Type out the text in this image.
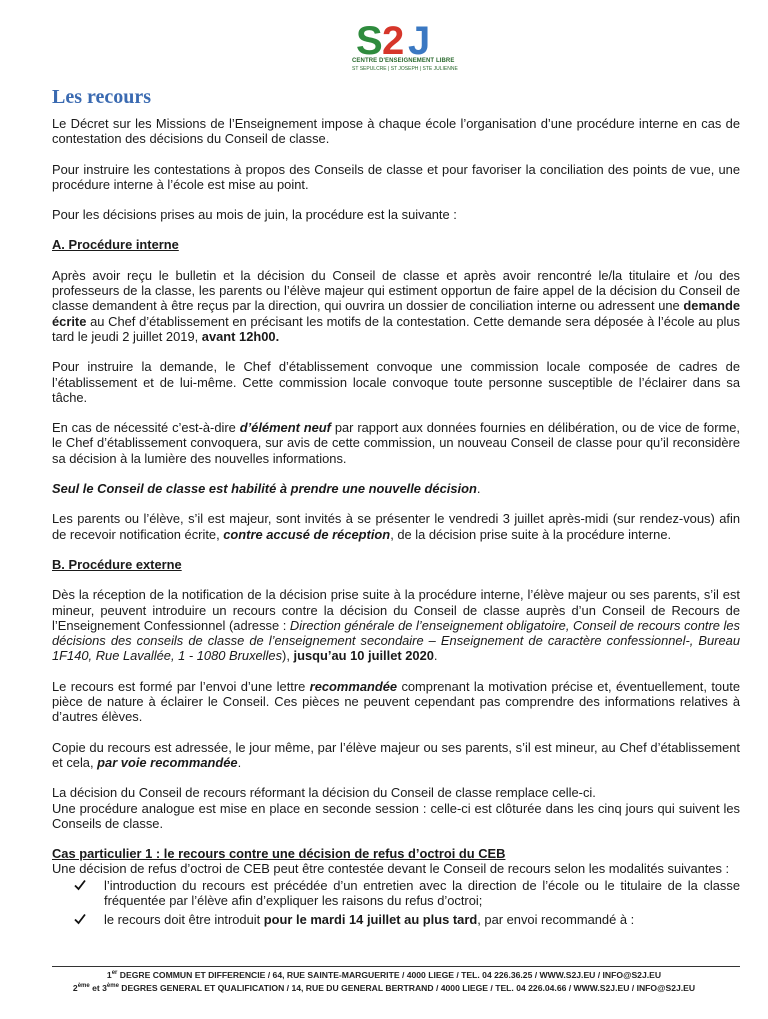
S 2 J
CENTRE D'ENSEIGNEMENT LIBRE
ST SEPULCRE | ST JOSEPH | STE JULIENNE
Les recours

Le Décret sur les Missions de l’Enseignement impose à chaque école l’organisation d’une procédure interne en cas de contestation des décisions du Conseil de classe.

Pour instruire les contestations à propos des Conseils de classe et pour favoriser la conciliation des points de vue, une procédure interne à l’école est mise au point.

Pour les décisions prises au mois de juin, la procédure est la suivante :

A. Procédure interne

Après avoir reçu le bulletin et la décision du Conseil de classe et après avoir rencontré le/la titulaire et /ou des professeurs de la classe, les parents ou l’élève majeur qui estiment opportun de faire appel de la décision du Conseil de classe demandent à être reçus par la direction, qui ouvrira un dossier de conciliation interne ou adressent une demande écrite au Chef d’établissement en précisant les motifs de la contestation. Cette demande sera déposée à l’école au plus tard le jeudi 2 juillet 2019, avant 12h00.

Pour instruire la demande, le Chef d’établissement convoque une commission locale composée de cadres de l’établissement et de lui-même. Cette commission locale convoque toute personne susceptible de l’éclairer dans sa tâche.

En cas de nécessité c’est-à-dire d’élément neuf par rapport aux données fournies en délibération, ou de vice de forme, le Chef d’établissement convoquera, sur avis de cette commission, un nouveau Conseil de classe pour qu’il reconsidère sa décision à la lumière des nouvelles informations.

Seul le Conseil de classe est habilité à prendre une nouvelle décision.

Les parents ou l’élève, s’il est majeur, sont invités à se présenter le vendredi 3 juillet après-midi (sur rendez-vous) afin de recevoir notification écrite, contre accusé de réception, de la décision prise suite à la procédure interne.

B. Procédure externe

Dès la réception de la notification de la décision prise suite à la procédure interne, l’élève majeur ou ses parents, s’il est mineur, peuvent introduire un recours contre la décision du Conseil de classe auprès d’un Conseil de Recours de l’Enseignement Confessionnel (adresse : Direction générale de l’enseignement obligatoire, Conseil de recours contre les décisions des conseils de classe de l’enseignement secondaire – Enseignement de caractère confessionnel-, Bureau 1F140, Rue Lavallée, 1 - 1080 Bruxelles), jusqu’au 10 juillet 2020.

Le recours est formé par l’envoi d’une lettre recommandée comprenant la motivation précise et, éventuellement, toute pièce de nature à éclairer le Conseil. Ces pièces ne peuvent cependant pas comprendre des informations relatives à d’autres élèves.

Copie du recours est adressée, le jour même, par l’élève majeur ou ses parents, s’il est mineur, au Chef d’établissement et cela, par voie recommandée.

La décision du Conseil de recours réformant la décision du Conseil de classe remplace celle-ci.
Une procédure analogue est mise en place en seconde session : celle-ci est clôturée dans les cinq jours qui suivent les Conseils de classe.

Cas particulier 1 : le recours contre une décision de refus d’octroi du CEB
Une décision de refus d’octroi de CEB peut être contestée devant le Conseil de recours selon les modalités suivantes :
l’introduction du recours est précédée d’un entretien avec la direction de l’école ou le titulaire de la classe fréquentée par l’élève afin d’expliquer les raisons du refus d’octroi;
le recours doit être introduit pour le mardi 14 juillet au plus tard, par envoi recommandé à :
1er DEGRE COMMUN ET DIFFERENCIE / 64, RUE SAINTE-MARGUERITE / 4000 LIEGE / TEL. 04 226.36.25 / WWW.S2J.EU / INFO@S2J.EU
2ème et 3ème DEGRES GENERAL ET QUALIFICATION / 14, RUE DU GENERAL BERTRAND / 4000 LIEGE / TEL. 04 226.04.66 / WWW.S2J.EU / INFO@S2J.EU
